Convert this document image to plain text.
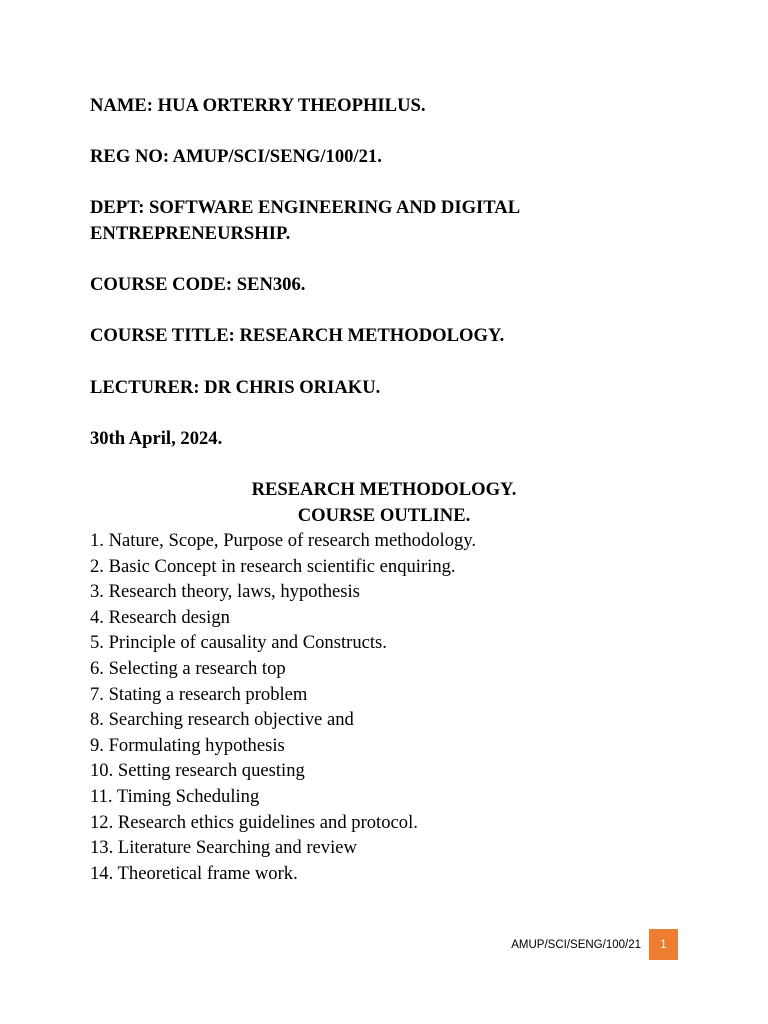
NAME: HUA ORTERRY THEOPHILUS.

REG NO: AMUP/SCI/SENG/100/21.

DEPT: SOFTWARE ENGINEERING AND DIGITAL
ENTREPRENEURSHIP.

COURSE CODE: SEN306.

COURSE TITLE: RESEARCH METHODOLOGY.

LECTURER: DR CHRIS ORIAKU.

30th April, 2024.

RESEARCH METHODOLOGY.

COURSE OUTLINE.

1. Nature, Scope, Purpose of research methodology.
2. Basic Concept in research scientific enquiring.
3. Research theory, laws, hypothesis
4. Research design
5. Principle of causality and Constructs.
6. Selecting a research top
7. Stating a research problem
8. Searching research objective and
9. Formulating hypothesis
10. Setting research questing
11. Timing Scheduling
12. Research ethics guidelines and protocol.
13. Literature Searching and review
14. Theoretical frame work.
AMUP/SCI/SENG/100/21	1
